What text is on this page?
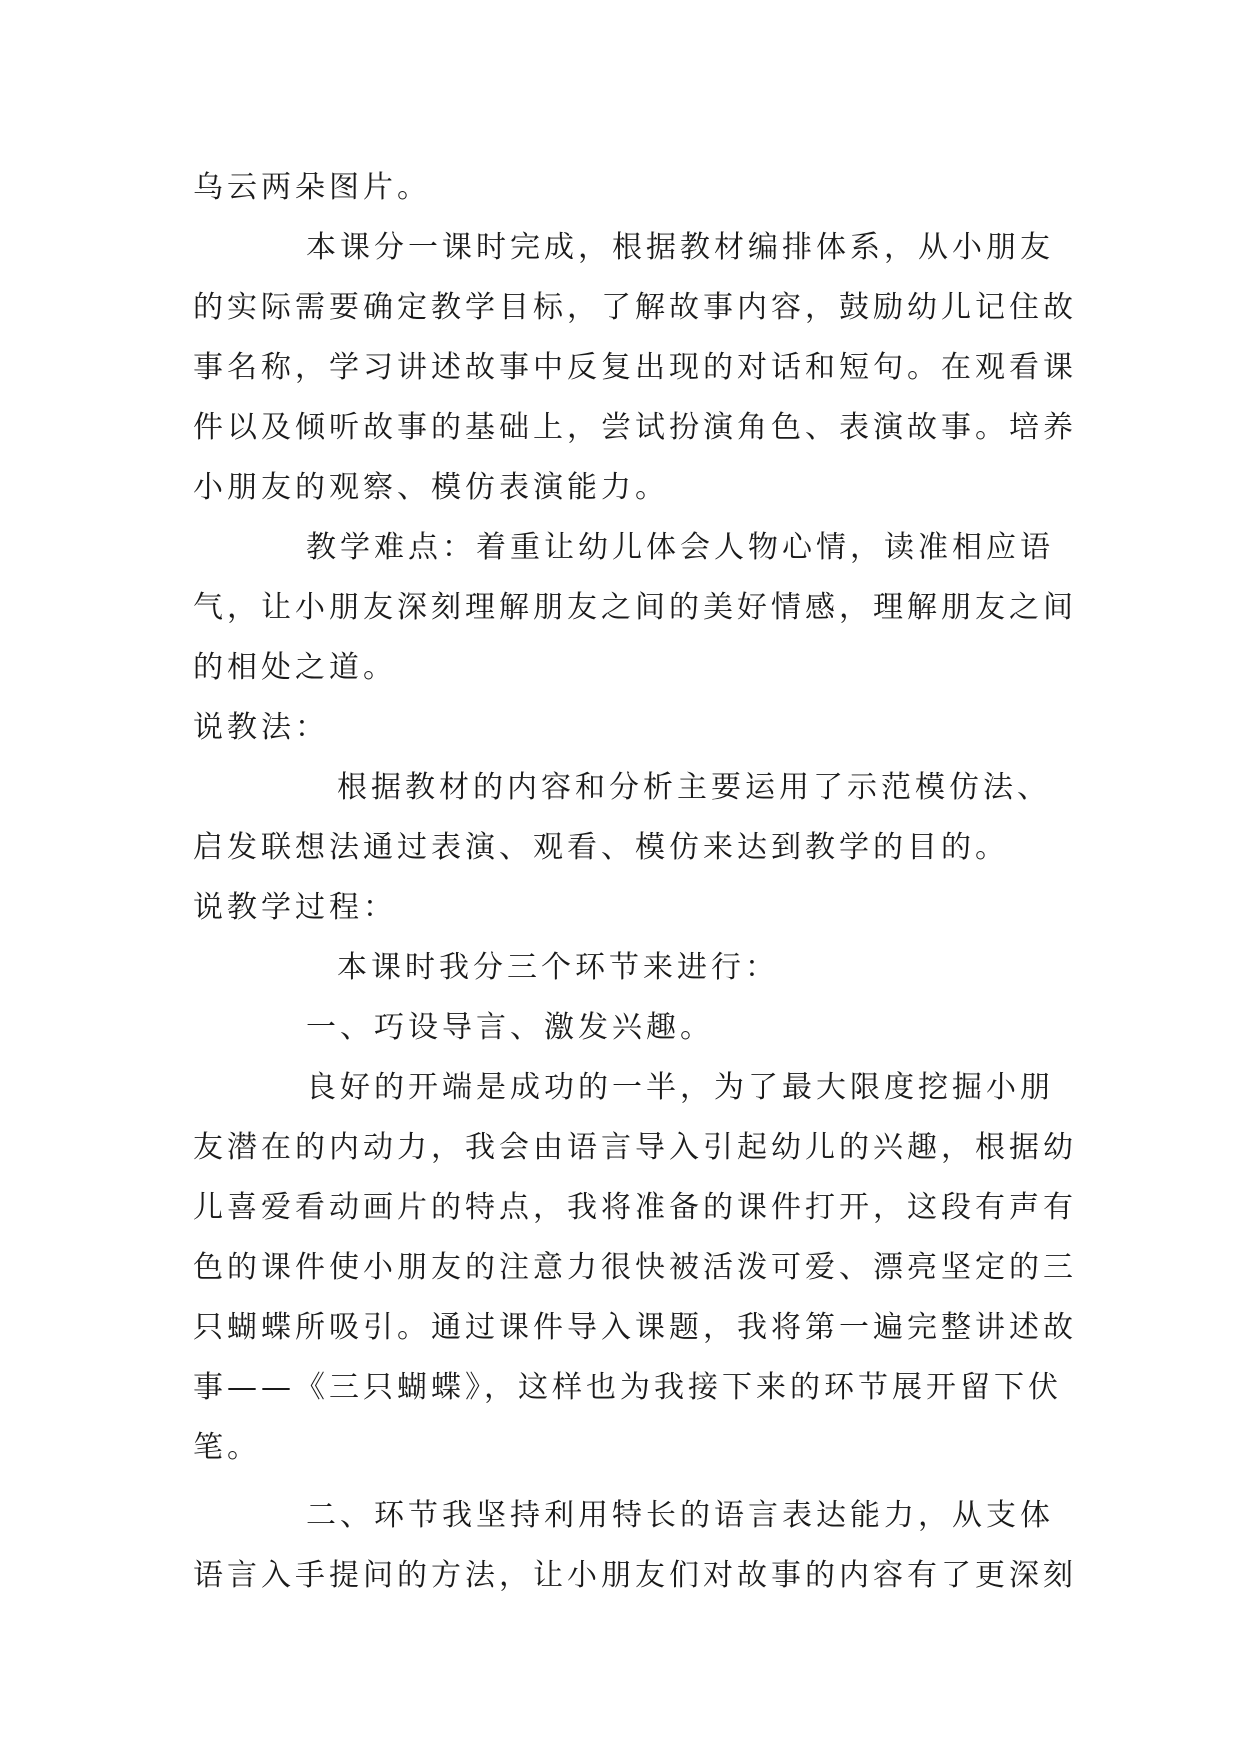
乌云两朵图片。
本课分一课时完成，根据教材编排体系，从小朋友
的实际需要确定教学目标，了解故事内容，鼓励幼儿记住故
事名称，学习讲述故事中反复出现的对话和短句。在观看课
件以及倾听故事的基础上，尝试扮演角色、表演故事。培养
小朋友的观察、模仿表演能力。
教学难点：着重让幼儿体会人物心情，读准相应语
气，让小朋友深刻理解朋友之间的美好情感，理解朋友之间
的相处之道。
说教法：
根据教材的内容和分析主要运用了示范模仿法、
启发联想法通过表演、观看、模仿来达到教学的目的。
说教学过程：
本课时我分三个环节来进行：
一、巧设导言、激发兴趣。
良好的开端是成功的一半，为了最大限度挖掘小朋
友潜在的内动力，我会由语言导入引起幼儿的兴趣，根据幼
儿喜爱看动画片的特点，我将准备的课件打开，这段有声有
色的课件使小朋友的注意力很快被活泼可爱、漂亮坚定的三
只蝴蝶所吸引。通过课件导入课题，我将第一遍完整讲述故
事——《三只蝴蝶》，这样也为我接下来的环节展开留下伏
笔。
二、环节我坚持利用特长的语言表达能力，从支体
语言入手提问的方法，让小朋友们对故事的内容有了更深刻
